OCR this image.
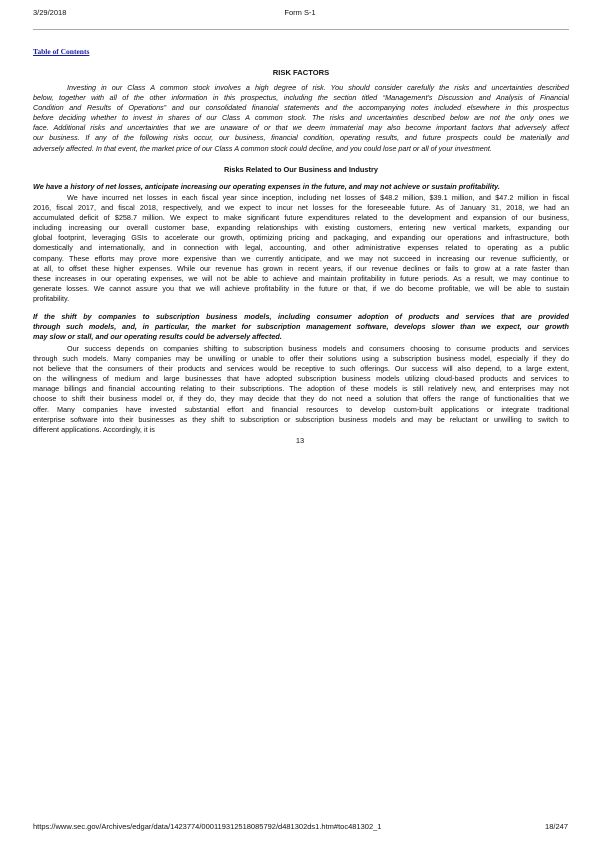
3/29/2018	Form S-1
Table of Contents
RISK FACTORS
Investing in our Class A common stock involves a high degree of risk. You should consider carefully the risks and uncertainties described
below, together with all of the other information in this prospectus, including the section titled “Management’s Discussion and Analysis of Financial
Condition and Results of Operations” and our consolidated financial statements and the accompanying notes included elsewhere in this prospectus
before deciding whether to invest in shares of our Class A common stock. The risks and uncertainties described below are not the only ones we
face. Additional risks and uncertainties that we are unaware of or that we deem immaterial may also become important factors that adversely affect
our business. If any of the following risks occur, our business, financial condition, operating results, and future prospects could be materially and
adversely affected. In that event, the market price of our Class A common stock could decline, and you could lose part or all of your investment.
Risks Related to Our Business and Industry
We have a history of net losses, anticipate increasing our operating expenses in the future, and may not achieve or sustain profitability.
We have incurred net losses in each fiscal year since inception, including net losses of $48.2 million, $39.1 million, and $47.2 million in fiscal
2016, fiscal 2017, and fiscal 2018, respectively, and we expect to incur net losses for the foreseeable future. As of January 31, 2018, we had an
accumulated deficit of $258.7 million. We expect to make significant future expenditures related to the development and expansion of our business,
including increasing our overall customer base, expanding relationships with existing customers, entering new vertical markets, expanding our
global footprint, leveraging GSIs to accelerate our growth, optimizing pricing and packaging, and expanding our operations and infrastructure, both
domestically and internationally, and in connection with legal, accounting, and other administrative expenses related to operating as a public
company. These efforts may prove more expensive than we currently anticipate, and we may not succeed in increasing our revenue sufficiently, or
at all, to offset these higher expenses. While our revenue has grown in recent years, if our revenue declines or fails to grow at a rate faster than
these increases in our operating expenses, we will not be able to achieve and maintain profitability in future periods. As a result, we may continue to
generate losses. We cannot assure you that we will achieve profitability in the future or that, if we do become profitable, we will be able to sustain
profitability.
If the shift by companies to subscription business models, including consumer adoption of products and services that are provided
through such models, and, in particular, the market for subscription management software, develops slower than we expect, our growth
may slow or stall, and our operating results could be adversely affected.
Our success depends on companies shifting to subscription business models and consumers choosing to consume products and services
through such models. Many companies may be unwilling or unable to offer their solutions using a subscription business model, especially if they do
not believe that the consumers of their products and services would be receptive to such offerings. Our success will also depend, to a large extent,
on the willingness of medium and large businesses that have adopted subscription business models utilizing cloud-based products and services to
manage billings and financial accounting relating to their subscriptions. The adoption of these models is still relatively new, and enterprises may not
choose to shift their business model or, if they do, they may decide that they do not need a solution that offers the range of functionalities that we
offer. Many companies have invested substantial effort and financial resources to develop custom-built applications or integrate traditional
enterprise software into their businesses as they shift to subscription or subscription business models and may be reluctant or unwilling to switch to
different applications. Accordingly, it is
13
https://www.sec.gov/Archives/edgar/data/1423774/000119312518085792/d481302ds1.htm#toc481302_1	18/247
